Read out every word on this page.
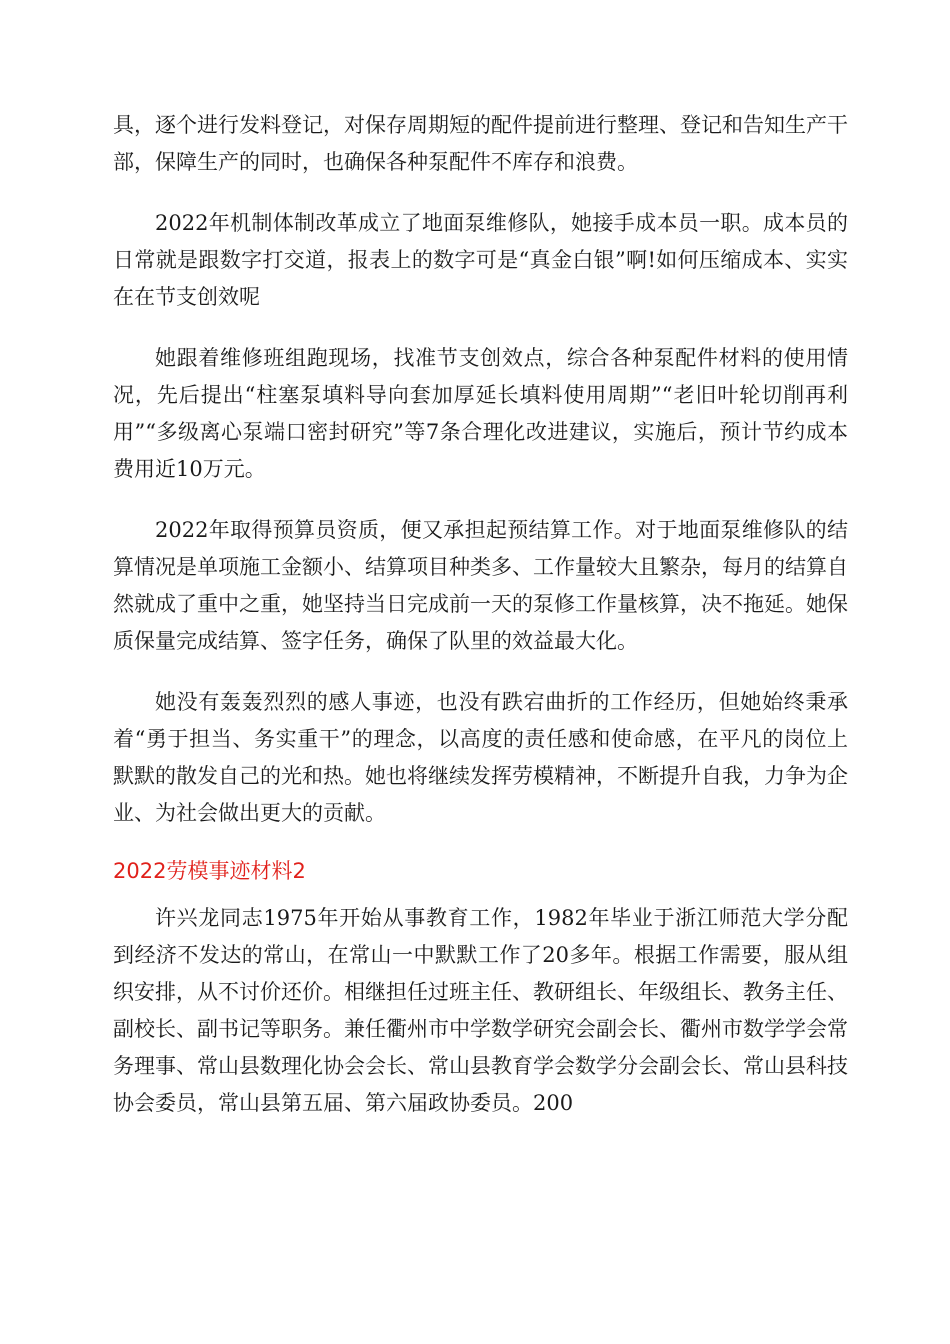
具，逐个进行发料登记，对保存周期短的配件提前进行整理、登记和告知生产干部，保障生产的同时，也确保各种泵配件不库存和浪费。

2022年机制体制改革成立了地面泵维修队，她接手成本员一职。成本员的日常就是跟数字打交道，报表上的数字可是“真金白银”啊!如何压缩成本、实实在在节支创效呢

她跟着维修班组跑现场，找准节支创效点，综合各种泵配件材料的使用情况，先后提出“柱塞泵填料导向套加厚延长填料使用周期”“老旧叶轮切削再利用”“多级离心泵端口密封研究”等7条合理化改进建议，实施后，预计节约成本费用近10万元。

2022年取得预算员资质，便又承担起预结算工作。对于地面泵维修队的结算情况是单项施工金额小、结算项目种类多、工作量较大且繁杂，每月的结算自然就成了重中之重，她坚持当日完成前一天的泵修工作量核算，决不拖延。她保质保量完成结算、签字任务，确保了队里的效益最大化。

她没有轰轰烈烈的感人事迹，也没有跌宕曲折的工作经历，但她始终秉承着“勇于担当、务实重干”的理念，以高度的责任感和使命感，在平凡的岗位上默默的散发自己的光和热。她也将继续发挥劳模精神，不断提升自我，力争为企业、为社会做出更大的贡献。

2022劳模事迹材料2

许兴龙同志1975年开始从事教育工作，1982年毕业于浙江师范大学分配到经济不发达的常山，在常山一中默默工作了20多年。根据工作需要，服从组织安排，从不讨价还价。相继担任过班主任、教研组长、年级组长、教务主任、副校长、副书记等职务。兼任衢州市中学数学研究会副会长、衢州市数学学会常务理事、常山县数理化协会会长、常山县教育学会数学分会副会长、常山县科技协会委员，常山县第五届、第六届政协委员。200
